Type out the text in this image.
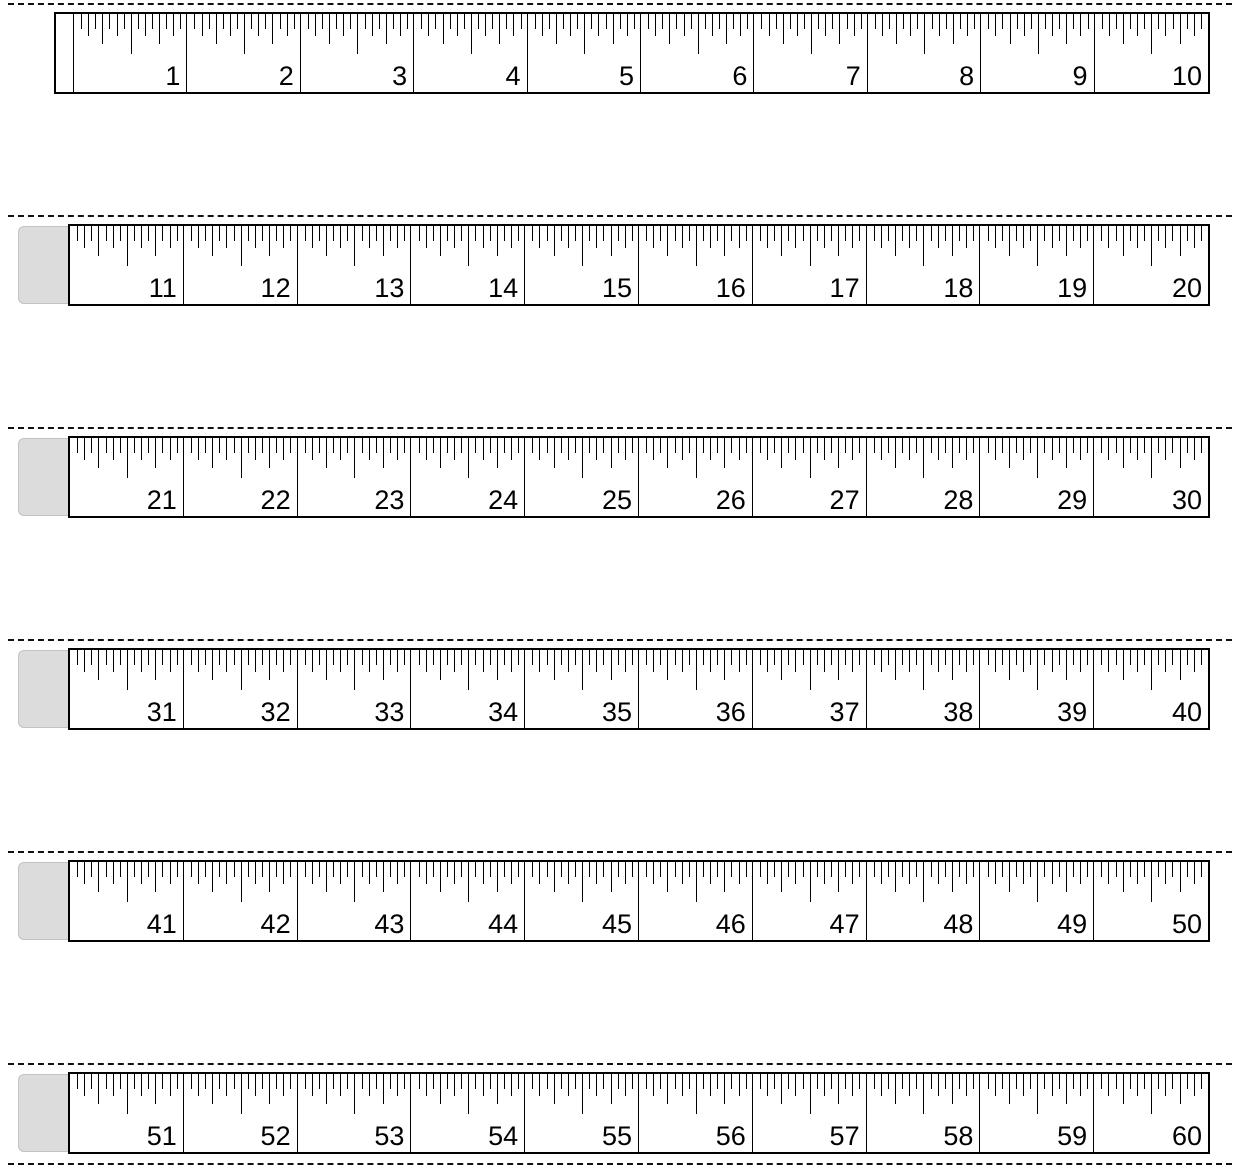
1	2	3	4	5	6	7	8	9	10
11	12	13	14	15	16	17	18	19	20
21	22	23	24	25	26	27	28	29	30
31	32	33	34	35	36	37	38	39	40
41	42	43	44	45	46	47	48	49	50
51	52	53	54	55	56	57	58	59	60
